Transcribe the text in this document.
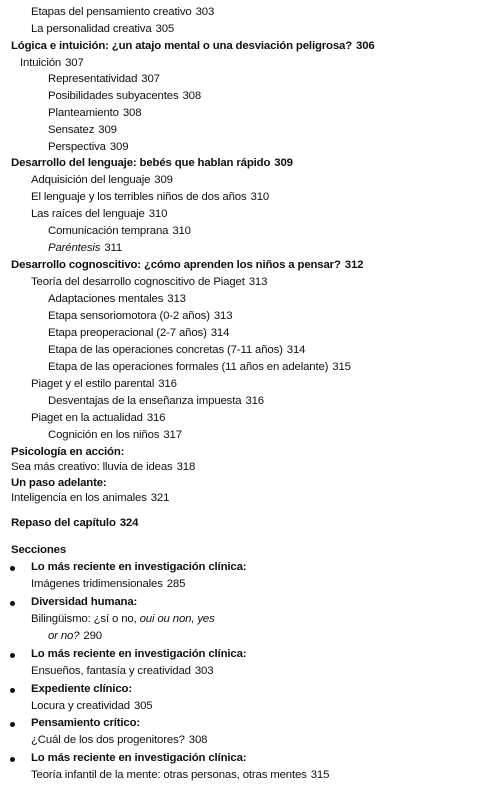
Etapas del pensamiento creativo 303
La personalidad creativa 305
Lógica e intuición: ¿un atajo mental o una desviación peligrosa? 306
Intuición 307
Representatividad 307
Posibilidades subyacentes 308
Planteamiento 308
Sensatez 309
Perspectiva 309
Desarrollo del lenguaje: bebés que hablan rápido 309
Adquisición del lenguaje 309
El lenguaje y los terribles niños de dos años 310
Las raíces del lenguaje 310
Comunicación temprana 310
Paréntesis 311
Desarrollo cognoscitivo: ¿cómo aprenden los niños a pensar? 312
Teoría del desarrollo cognoscitivo de Piaget 313
Adaptaciones mentales 313
Etapa sensoriomotora (0-2 años) 313
Etapa preoperacional (2-7 años) 314
Etapa de las operaciones concretas (7-11 años) 314
Etapa de las operaciones formales (11 años en adelante) 315
Piaget y el estilo parental 316
Desventajas de la enseñanza impuesta 316
Piaget en la actualidad 316
Cognición en los niños 317
Psicología en acción:
Sea más creativo: lluvia de ideas 318
Un paso adelante:
Inteligencia en los animales 321
Repaso del capítulo 324
Secciones
Lo más reciente en investigación clínica:
Imágenes tridimensionales 285
Diversidad humana:
Bilingüismo: ¿sí o no, oui ou non, yes
or no? 290
Lo más reciente en investigación clínica:
Ensueños, fantasía y creatividad 303
Expediente clínico:
Locura y creatividad 305
Pensamiento crítico:
¿Cuál de los dos progenitores? 308
Lo más reciente en investigación clínica:
Teoría infantil de la mente: otras personas, otras mentes 315
